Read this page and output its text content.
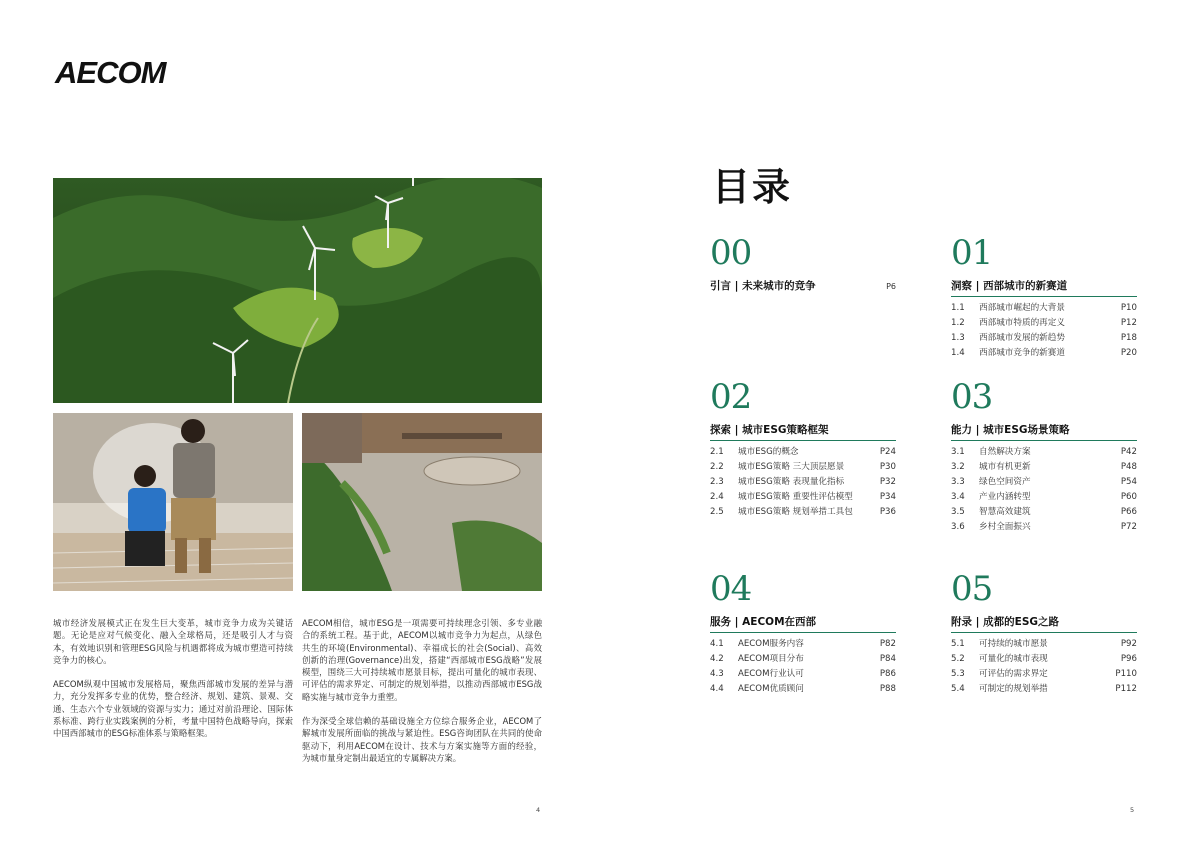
AECOM

城市经济发展模式正在发生巨大变革，城市竞争力成为关键话题。无论是应对气候变化、融入全球格局，还是吸引人才与资本，有效地识别和管理ESG风险与机遇都将成为城市塑造可持续竞争力的核心。

AECOM纵观中国城市发展格局，聚焦西部城市发展的差异与潜力，充分发挥多专业的优势，整合经济、规划、建筑、景观、交通、生态六个专业领域的资源与实力；通过对前沿理论、国际体系标准、跨行业实践案例的分析，考量中国特色战略导向，探索中国西部城市的ESG标准体系与策略框架。

AECOM相信，城市ESG是一项需要可持续理念引领、多专业融合的系统工程。基于此，AECOM以城市竞争力为起点，从绿色共生的环境(Environmental)、幸福成长的社会(Social)、高效创新的治理(Governance)出发，搭建“西部城市ESG战略”发展模型，围绕三大可持续城市愿景目标，提出可量化的城市表现、可评估的需求界定、可制定的规划举措，以推动西部城市ESG战略实施与城市竞争力重塑。

作为深受全球信赖的基础设施全方位综合服务企业，AECOM了解城市发展所面临的挑战与紧迫性。ESG咨询团队在共同的使命驱动下，利用AECOM在设计、技术与方案实施等方面的经验，为城市量身定制出最适宜的专属解决方案。

4	5
目录
00
引言 | 未来城市的竞争	P6
01
洞察 | 西部城市的新赛道
1.1	西部城市崛起的大背景	P10
1.2	西部城市特质的再定义	P12
1.3	西部城市发展的新趋势	P18
1.4	西部城市竞争的新赛道	P20
02
探索 | 城市ESG策略框架
2.1	城市ESG的概念	P24
2.2	城市ESG策略 三大顶层愿景	P30
2.3	城市ESG策略 表现量化指标	P32
2.4	城市ESG策略 重要性评估模型	P34
2.5	城市ESG策略 规划举措工具包	P36
03
能力 | 城市ESG场景策略
3.1	自然解决方案	P42
3.2	城市有机更新	P48
3.3	绿色空间资产	P54
3.4	产业内涵转型	P60
3.5	智慧高效建筑	P66
3.6	乡村全面振兴	P72
04
服务 | AECOM在西部
4.1	AECOM服务内容	P82
4.2	AECOM项目分布	P84
4.3	AECOM行业认可	P86
4.4	AECOM优质顾问	P88
05
附录 | 成都的ESG之路
5.1	可持续的城市愿景	P92
5.2	可量化的城市表现	P96
5.3	可评估的需求界定	P110
5.4	可制定的规划举措	P112
